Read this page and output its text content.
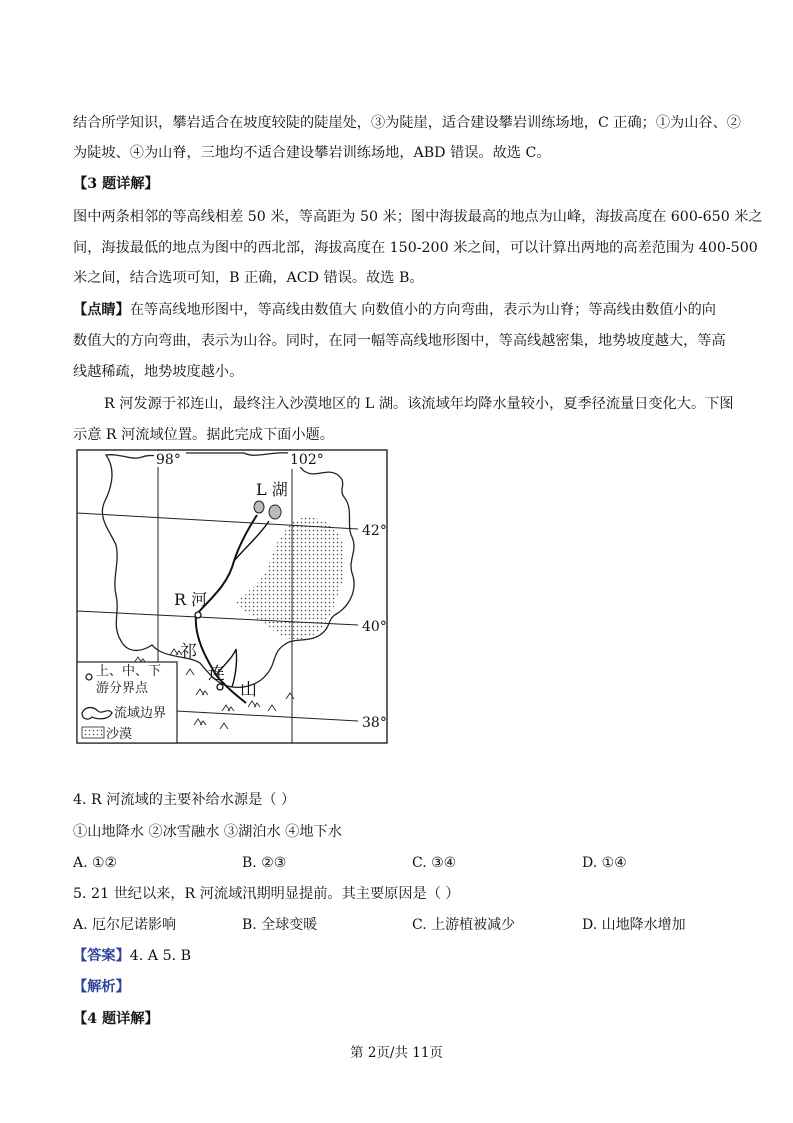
结合所学知识，攀岩适合在坡度较陡的陡崖处，③为陡崖，适合建设攀岩训练场地，C 正确；①为山谷、②
为陡坡、④为山脊，三地均不适合建设攀岩训练场地，ABD 错误。故选 C。
【3 题详解】
图中两条相邻的等高线相差 50 米，等高距为 50 米；图中海拔最高的地点为山峰，海拔高度在 600-650 米之
间，海拔最低的地点为图中的西北部，海拔高度在 150-200 米之间，可以计算出两地的高差范围为 400-500
米之间，结合选项可知，B 正确，ACD 错误。故选 B。
【点睛】在等高线地形图中，等高线由数值大 向数值小的方向弯曲，表示为山脊；等高线由数值小的向
数值大的方向弯曲，表示为山谷。同时，在同一幅等高线地形图中，等高线越密集，地势坡度越大，等高
线越稀疏，地势坡度越小。
R 河发源于祁连山，最终注入沙漠地区的 L 湖。该流域年均降水量较小，夏季径流量日变化大。下图
示意 R 河流域位置。据此完成下面小题。
98°	102°
42°
40°
38°
L 湖
R 河
祁
连
山
上、中、下
游分界点
流域边界
沙漠
4. R 河流域的主要补给水源是（ ）
①山地降水 ②冰雪融水 ③湖泊水 ④地下水
A. ①②	B. ②③	C. ③④	D. ①④
5. 21 世纪以来，R 河流域汛期明显提前。其主要原因是（ ）
A. 厄尔尼诺影响	B. 全球变暖	C. 上游植被减少	D. 山地降水增加
【答案】4. A 5. B
【解析】
【4 题详解】
第 2页/共 11页
